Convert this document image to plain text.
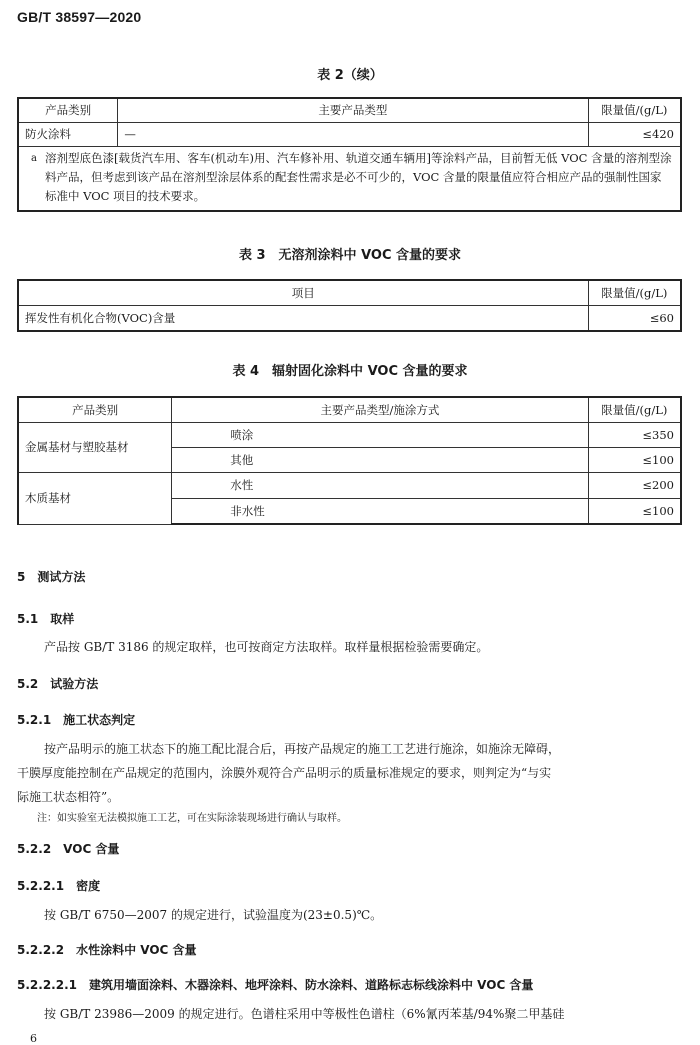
GB/T 38597—2020
表 2（续）
产品类别	主要产品类型	限量值/(g/L)
防火涂料	—	≤420

a 溶剂型底色漆[载货汽车用、客车(机动车)用、汽车修补用、轨道交通车辆用]等涂料产品，目前暂无低 VOC 含量的溶剂型涂料产品，但考虑到该产品在溶剂型涂层体系的配套性需求是必不可少的，VOC 含量的限量值应符合相应产品的强制性国家标准中 VOC 项目的技术要求。		
表 3　无溶剂涂料中 VOC 含量的要求
项目	限量值/(g/L)
挥发性有机化合物(VOC)含量	≤60
表 4　辐射固化涂料中 VOC 含量的要求
产品类别	主要产品类型/施涂方式	限量值/(g/L)
金属基材与塑胶基材	喷涂	≤350
	其他	≤100
木质基材	水性	≤200
	非水性	≤100
5　测试方法
5.1　取样
产品按 GB/T 3186 的规定取样，也可按商定方法取样。取样量根据检验需要确定。
5.2　试验方法
5.2.1　施工状态判定
按产品明示的施工状态下的施工配比混合后，再按产品规定的施工工艺进行施涂，如施涂无障碍，
干膜厚度能控制在产品规定的范围内，涂膜外观符合产品明示的质量标准规定的要求，则判定为“与实
际施工状态相符”。
注：如实验室无法模拟施工工艺，可在实际涂装现场进行确认与取样。
5.2.2　VOC 含量
5.2.2.1　密度
按 GB/T 6750—2007 的规定进行，试验温度为(23±0.5)℃。
5.2.2.2　水性涂料中 VOC 含量
5.2.2.2.1　建筑用墙面涂料、木器涂料、地坪涂料、防水涂料、道路标志标线涂料中 VOC 含量
按 GB/T 23986—2009 的规定进行。色谱柱采用中等极性色谱柱（6%氰丙苯基/94%聚二甲基硅
6
